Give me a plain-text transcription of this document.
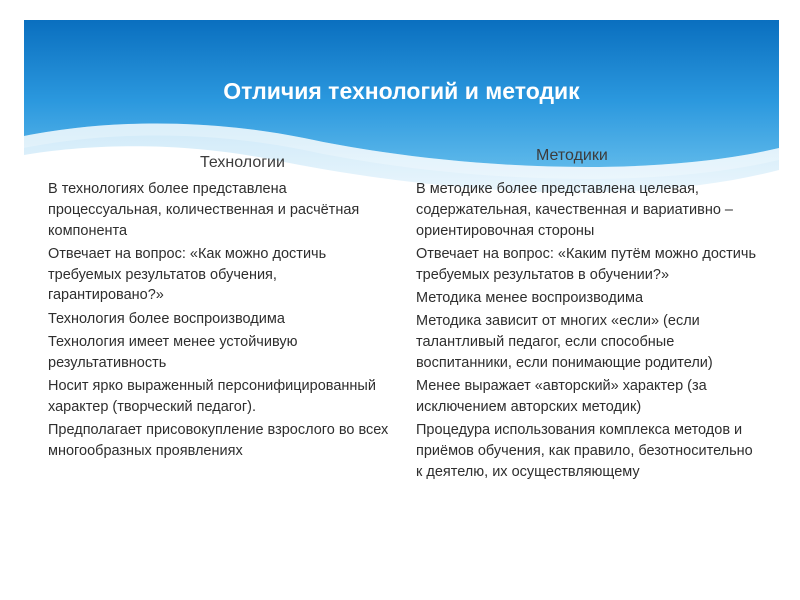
Отличия технологий и методик
Технологии	Методики
В технологиях более представлена процессуальная, количественная и расчётная компонента
Отвечает на вопрос: «Как можно достичь требуемых результатов обучения, гарантировано?»
Технология более воспроизводима
Технология имеет менее устойчивую результативность
Носит ярко выраженный персонифицированный характер (творческий педагог).
Предполагает присовокупление взрослого во всех многообразных проявлениях
В методике более представлена целевая, содержательная, качественная и вариативно – ориентировочная стороны
Отвечает на вопрос: «Каким путём можно достичь требуемых результатов в обучении?»
Методика менее воспроизводима
Методика зависит от многих «если» (если талантливый педагог, если способные воспитанники, если понимающие родители)
Менее выражает «авторский» характер (за исключением авторских методик)
Процедура использования комплекса методов и приёмов обучения, как правило, безотносительно к деятелю, их осуществляющему
